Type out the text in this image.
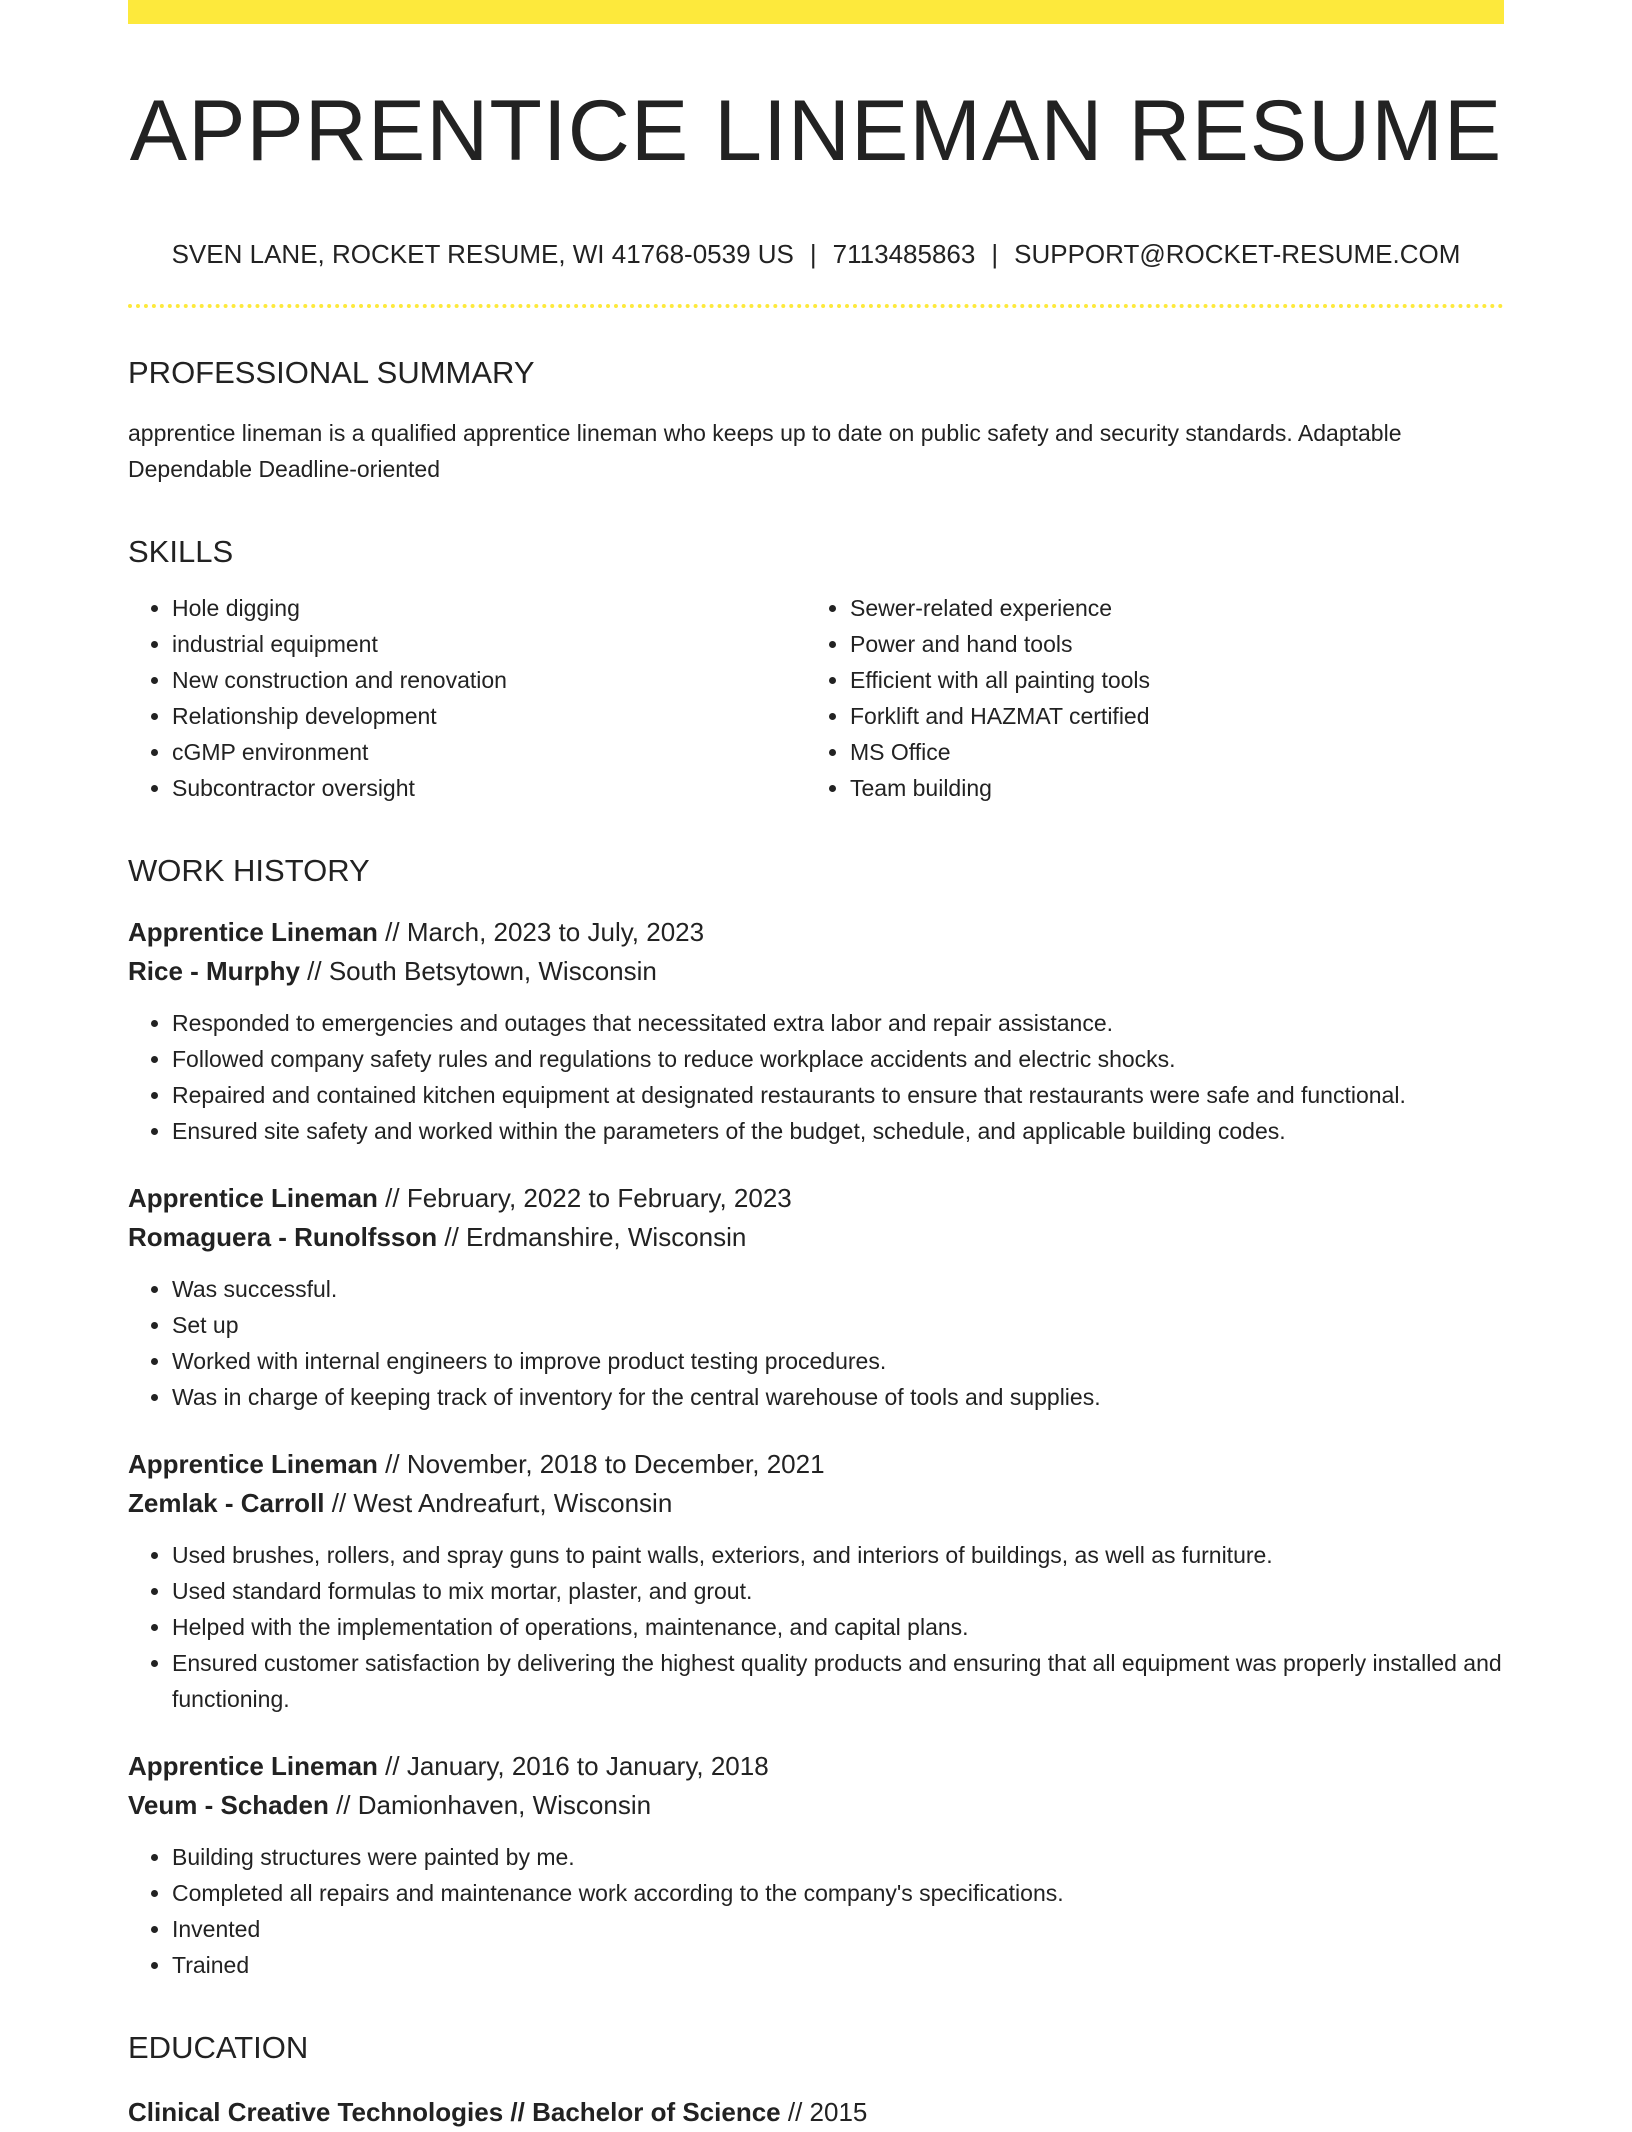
APPRENTICE LINEMAN RESUME
SVEN LANE, ROCKET RESUME, WI 41768-0539 US | 7113485863 | SUPPORT@ROCKET-RESUME.COM
PROFESSIONAL SUMMARY
apprentice lineman is a qualified apprentice lineman who keeps up to date on public safety and security standards. Adaptable Dependable Deadline-oriented
SKILLS
• Hole digging
• industrial equipment
• New construction and renovation
• Relationship development
• cGMP environment
• Subcontractor oversight
• Sewer-related experience
• Power and hand tools
• Efficient with all painting tools
• Forklift and HAZMAT certified
• MS Office
• Team building
WORK HISTORY
Apprentice Lineman // March, 2023 to July, 2023
Rice - Murphy // South Betsytown, Wisconsin
• Responded to emergencies and outages that necessitated extra labor and repair assistance.
• Followed company safety rules and regulations to reduce workplace accidents and electric shocks.
• Repaired and contained kitchen equipment at designated restaurants to ensure that restaurants were safe and functional.
• Ensured site safety and worked within the parameters of the budget, schedule, and applicable building codes.
Apprentice Lineman // February, 2022 to February, 2023
Romaguera - Runolfsson // Erdmanshire, Wisconsin
• Was successful.
• Set up
• Worked with internal engineers to improve product testing procedures.
• Was in charge of keeping track of inventory for the central warehouse of tools and supplies.
Apprentice Lineman // November, 2018 to December, 2021
Zemlak - Carroll // West Andreafurt, Wisconsin
• Used brushes, rollers, and spray guns to paint walls, exteriors, and interiors of buildings, as well as furniture.
• Used standard formulas to mix mortar, plaster, and grout.
• Helped with the implementation of operations, maintenance, and capital plans.
• Ensured customer satisfaction by delivering the highest quality products and ensuring that all equipment was properly installed and functioning.
Apprentice Lineman // January, 2016 to January, 2018
Veum - Schaden // Damionhaven, Wisconsin
• Building structures were painted by me.
• Completed all repairs and maintenance work according to the company's specifications.
• Invented
• Trained
EDUCATION
Clinical Creative Technologies // Bachelor of Science // 2015
